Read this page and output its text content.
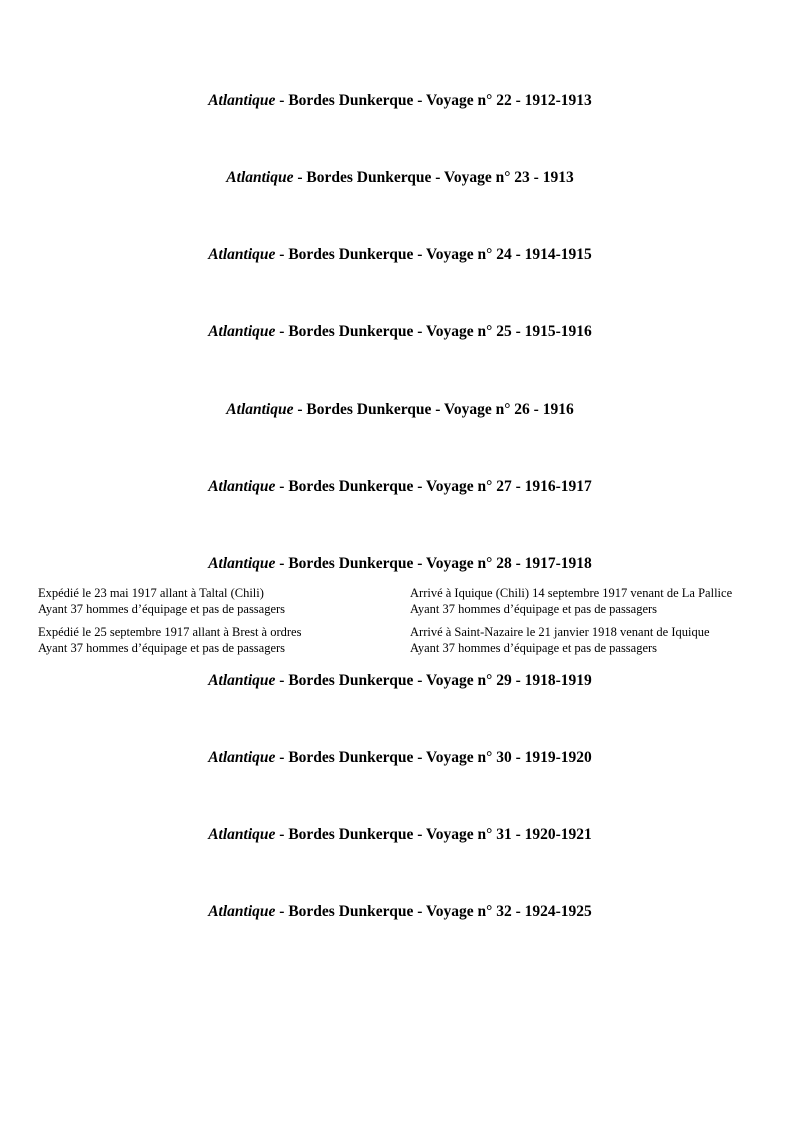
Atlantique - Bordes Dunkerque - Voyage n° 22 - 1912-1913
Atlantique - Bordes Dunkerque - Voyage n° 23 - 1913
Atlantique - Bordes Dunkerque - Voyage n° 24 - 1914-1915
Atlantique - Bordes Dunkerque - Voyage n° 25 - 1915-1916
Atlantique - Bordes Dunkerque - Voyage n° 26 - 1916
Atlantique - Bordes Dunkerque - Voyage n° 27 - 1916-1917
Atlantique - Bordes Dunkerque - Voyage n° 28 - 1917-1918
Expédié le 23 mai 1917 allant à Taltal (Chili)
Ayant 37 hommes d’équipage et pas de passagers
Arrivé à Iquique (Chili) 14 septembre 1917 venant de La Pallice
Ayant 37 hommes d’équipage et pas de passagers
Expédié le 25 septembre 1917 allant à Brest à ordres
Ayant 37 hommes d’équipage et pas de passagers
Arrivé à Saint-Nazaire le 21 janvier 1918 venant de Iquique
Ayant 37 hommes d’équipage et pas de passagers
Atlantique - Bordes Dunkerque - Voyage n° 29 - 1918-1919
Atlantique - Bordes Dunkerque - Voyage n° 30 - 1919-1920
Atlantique - Bordes Dunkerque - Voyage n° 31 - 1920-1921
Atlantique - Bordes Dunkerque - Voyage n° 32 - 1924-1925
